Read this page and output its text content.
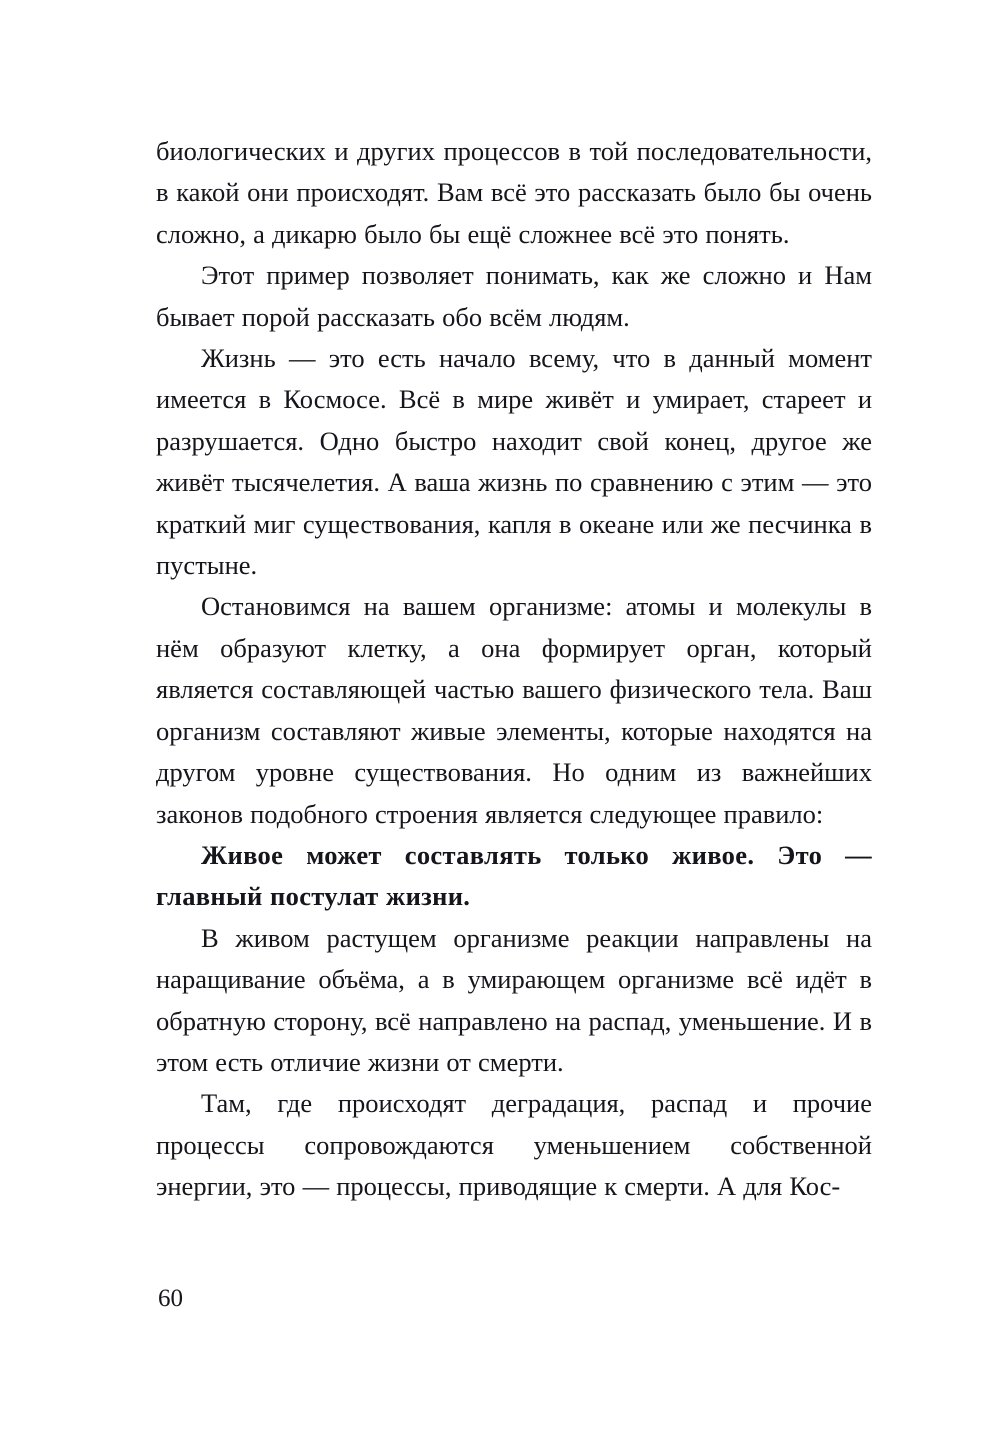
биологических и других процессов в той последовательности, в какой они происходят. Вам всё это рассказать было бы очень сложно, а дикарю было бы ещё сложнее всё это понять.

Этот пример позволяет понимать, как же сложно и Нам бывает порой рассказать обо всём людям.

Жизнь — это есть начало всему, что в данный момент имеется в Космосе. Всё в мире живёт и умирает, стареет и разрушается. Одно быстро находит свой конец, другое же живёт тысячелетия. А ваша жизнь по сравнению с этим — это краткий миг существования, капля в океане или же песчинка в пустыне.

Остановимся на вашем организме: атомы и молекулы в нём образуют клетку, а она формирует орган, который является составляющей частью вашего физического тела. Ваш организм составляют живые элементы, которые находятся на другом уровне существования. Но одним из важнейших законов подобного строения является следующее правило:

Живое может составлять только живое. Это — главный постулат жизни.

В живом растущем организме реакции направлены на наращивание объёма, а в умирающем организме всё идёт в обратную сторону, всё направлено на распад, уменьшение. И в этом есть отличие жизни от смерти.

Там, где происходят деградация, распад и прочие процессы сопровождаются уменьшением собственной энергии, это — процессы, приводящие к смерти. А для Кос-

60
